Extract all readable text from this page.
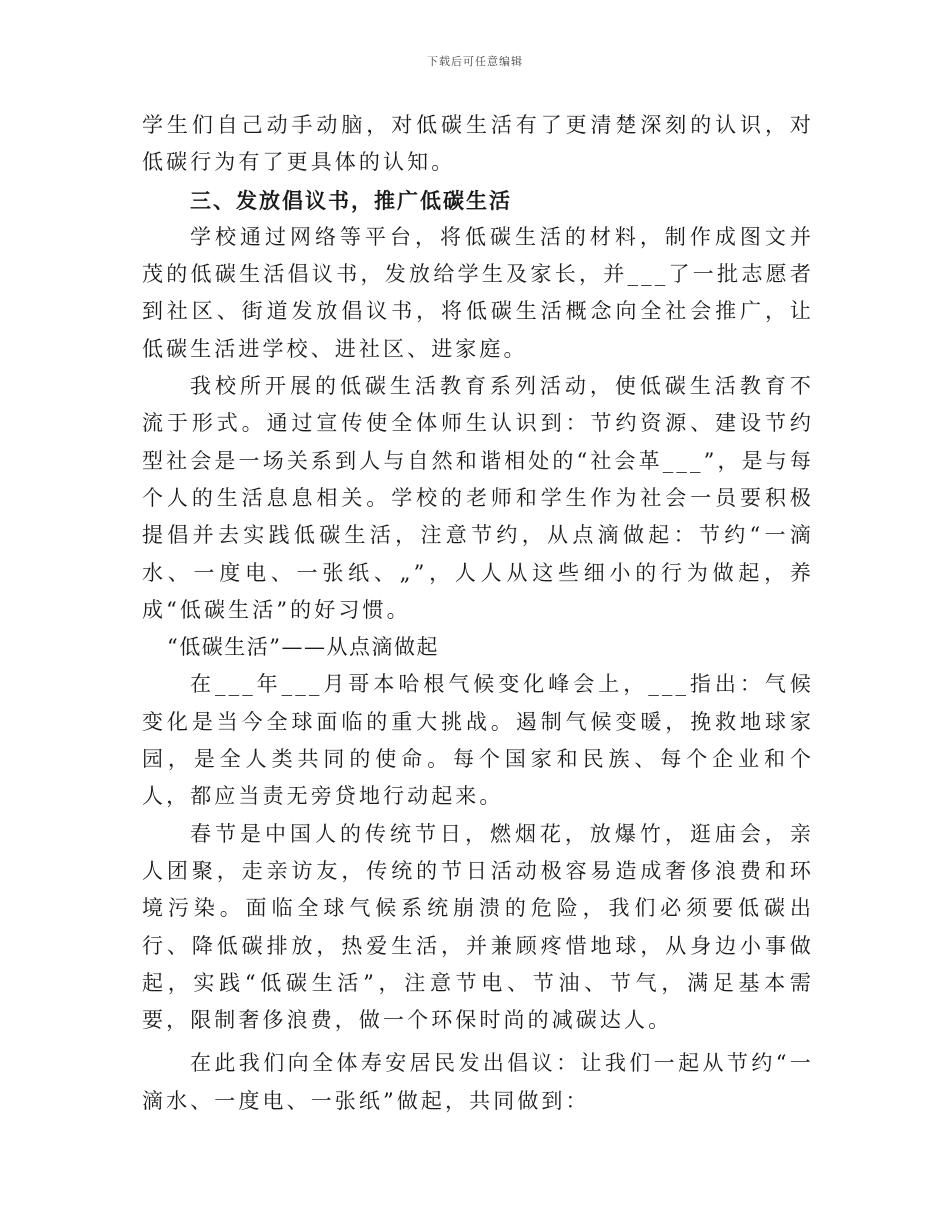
下载后可任意编辑

学生们自己动手动脑，对低碳生活有了更清楚深刻的认识，对低碳行为有了更具体的认知。

三、发放倡议书，推广低碳生活

学校通过网络等平台，将低碳生活的材料，制作成图文并茂的低碳生活倡议书，发放给学生及家长，并___了一批志愿者到社区、街道发放倡议书，将低碳生活概念向全社会推广，让低碳生活进学校、进社区、进家庭。

我校所开展的低碳生活教育系列活动，使低碳生活教育不流于形式。通过宣传使全体师生认识到：节约资源、建设节约型社会是一场关系到人与自然和谐相处的“社会革___”，是与每个人的生活息息相关。学校的老师和学生作为社会一员要积极提倡并去实践低碳生活，注意节约，从点滴做起：节约“一滴水、一度电、一张纸、„”，人人从这些细小的行为做起，养成“低碳生活”的好习惯。

“低碳生活”——从点滴做起

在___年___月哥本哈根气候变化峰会上，___指出：气候变化是当今全球面临的重大挑战。遏制气候变暖，挽救地球家园，是全人类共同的使命。每个国家和民族、每个企业和个人，都应当责无旁贷地行动起来。

春节是中国人的传统节日，燃烟花，放爆竹，逛庙会，亲人团聚，走亲访友，传统的节日活动极容易造成奢侈浪费和环境污染。面临全球气候系统崩溃的危险，我们必须要低碳出行、降低碳排放，热爱生活，并兼顾疼惜地球，从身边小事做起，实践“低碳生活”，注意节电、节油、节气，满足基本需要，限制奢侈浪费，做一个环保时尚的减碳达人。

在此我们向全体寿安居民发出倡议：让我们一起从节约“一滴水、一度电、一张纸”做起，共同做到：
